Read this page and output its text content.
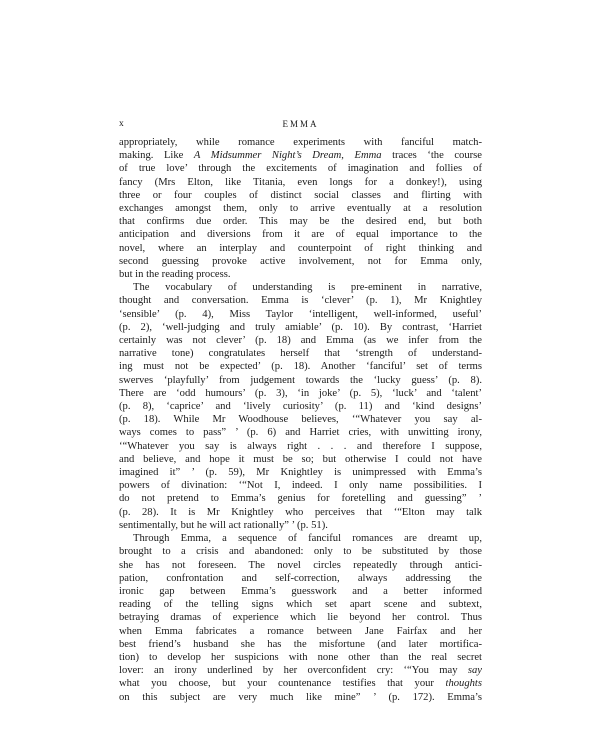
x	EMMA
appropriately, while romance experiments with fanciful match-
making. Like A Midsummer Night’s Dream, Emma traces ‘the course
of true love’ through the excitements of imagination and follies of
fancy (Mrs Elton, like Titania, even longs for a donkey!), using
three or four couples of distinct social classes and flirting with
exchanges amongst them, only to arrive eventually at a resolution
that confirms due order. This may be the desired end, but both
anticipation and diversions from it are of equal importance to the
novel, where an interplay and counterpoint of right thinking and
second guessing provoke active involvement, not for Emma only,
but in the reading process.
The vocabulary of understanding is pre-eminent in narrative,
thought and conversation. Emma is ‘clever’ (p. 1), Mr Knightley
‘sensible’ (p. 4), Miss Taylor ‘intelligent, well-informed, useful’
(p. 2), ‘well-judging and truly amiable’ (p. 10). By contrast, ‘Harriet
certainly was not clever’ (p. 18) and Emma (as we infer from the
narrative tone) congratulates herself that ‘strength of understand-
ing must not be expected’ (p. 18). Another ‘fanciful’ set of terms
swerves ‘playfully’ from judgement towards the ‘lucky guess’ (p. 8).
There are ‘odd humours’ (p. 3), ‘in joke’ (p. 5), ‘luck’ and ‘talent’
(p. 8), ‘caprice’ and ‘lively curiosity’ (p. 11) and ‘kind designs’
(p. 18). While Mr Woodhouse believes, ‘“Whatever you say al-
ways comes to pass” ’ (p. 6) and Harriet cries, with unwitting irony,
‘“Whatever you say is always right . . . and therefore I suppose,
and believe, and hope it must be so; but otherwise I could not have
imagined it” ’ (p. 59), Mr Knightley is unimpressed with Emma’s
powers of divination: ‘“Not I, indeed. I only name possibilities. I
do not pretend to Emma’s genius for foretelling and guessing” ’
(p. 28). It is Mr Knightley who perceives that ‘“Elton may talk
sentimentally, but he will act rationally” ’ (p. 51).
Through Emma, a sequence of fanciful romances are dreamt up,
brought to a crisis and abandoned: only to be substituted by those
she has not foreseen. The novel circles repeatedly through antici-
pation, confrontation and self-correction, always addressing the
ironic gap between Emma’s guesswork and a better informed
reading of the telling signs which set apart scene and subtext,
betraying dramas of experience which lie beyond her control. Thus
when Emma fabricates a romance between Jane Fairfax and her
best friend’s husband she has the misfortune (and later mortifica-
tion) to develop her suspicions with none other than the real secret
lover: an irony underlined by her overconfident cry: ‘“You may say
what you choose, but your countenance testifies that your thoughts
on this subject are very much like mine” ’ (p. 172). Emma’s
